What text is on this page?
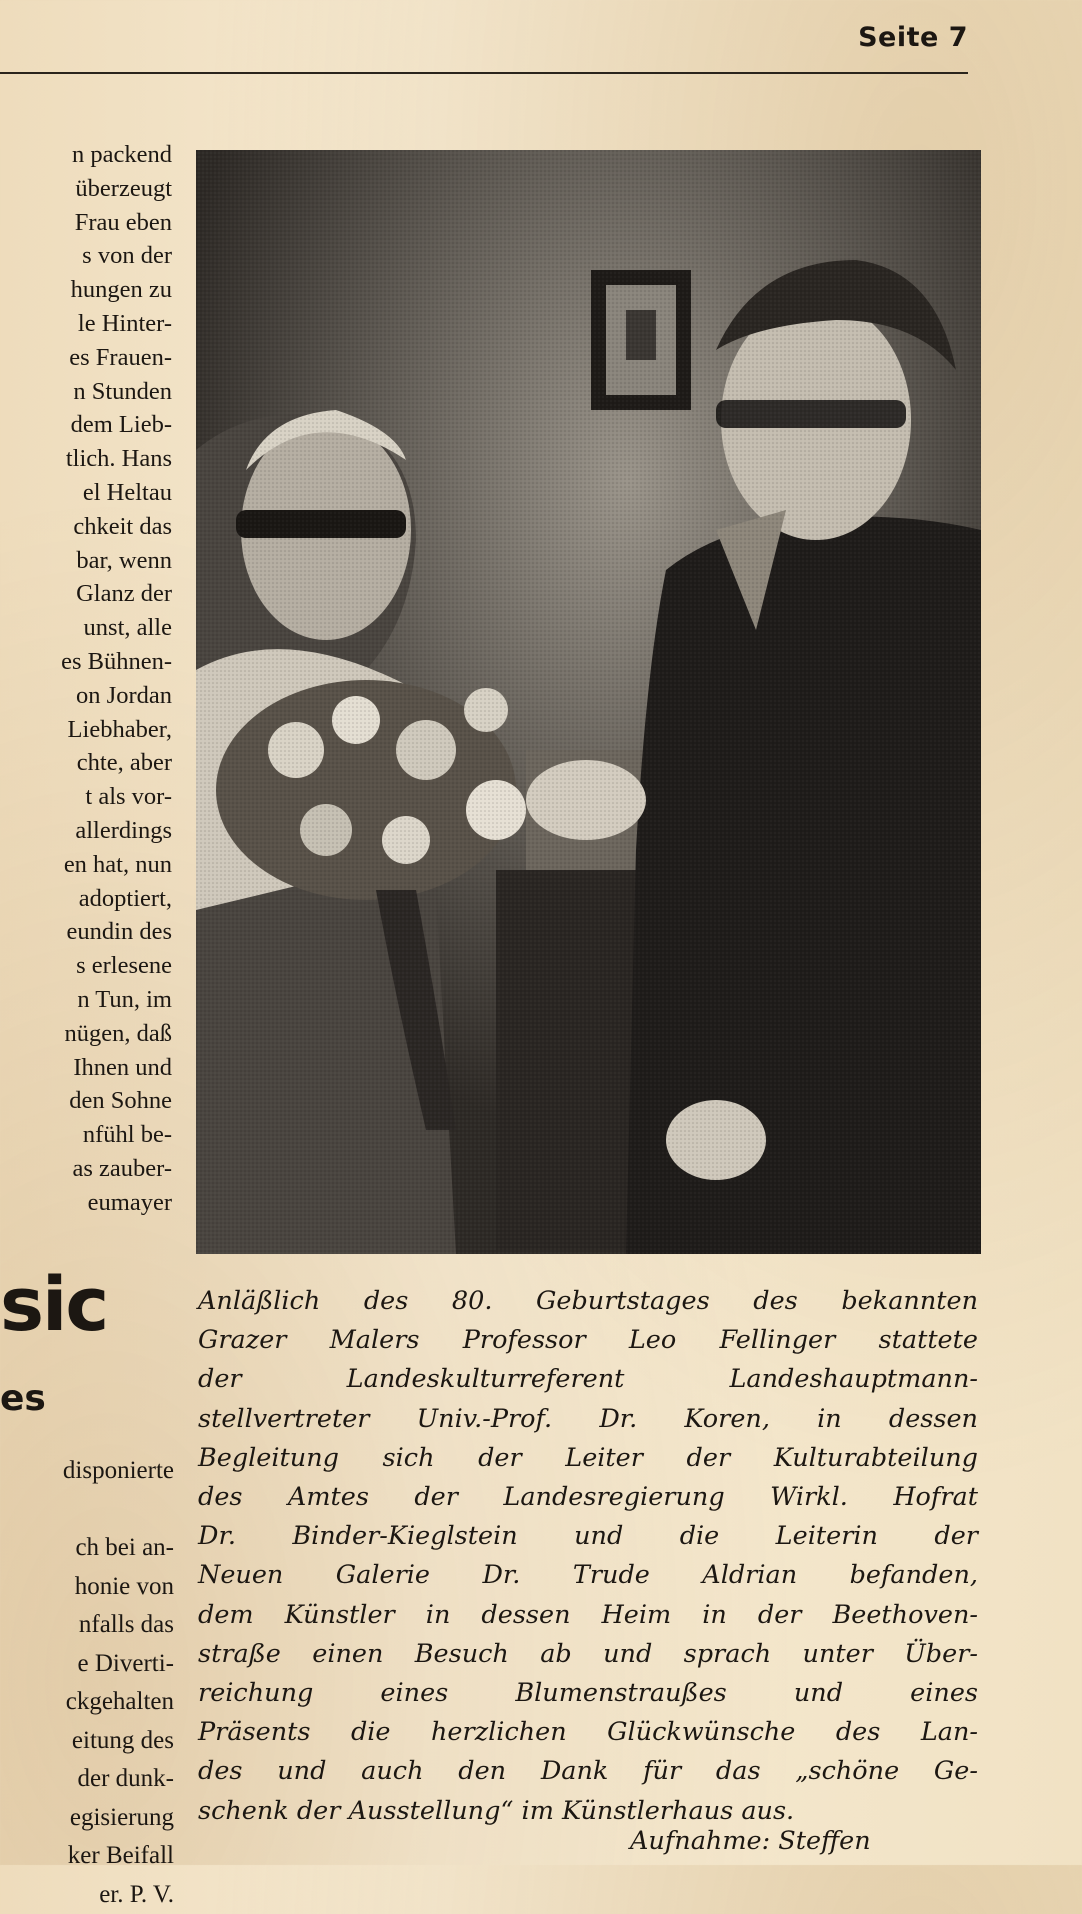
Seite 7
n packend
überzeugt
Frau eben
s von der
hungen zu
le Hinter-
es Frauen-
n Stunden
dem Lieb-
tlich. Hans
el Heltau
chkeit das
bar, wenn
Glanz der
unst, alle
es Bühnen-
on Jordan
Liebhaber,
chte, aber
t als vor-
allerdings
en hat, nun
adoptiert,
eundin des
s erlesene
n Tun, im
nügen, daß
Ihnen und
den Sohne
nfühl be-
as zauber-
eumayer
sic
es
disponierte

ch bei an-
honie von
nfalls das
e Diverti-
ckgehalten
eitung des
der dunk-
egisierung
ker Beifall
er. P. V.
Anläßlich des 80. Geburtstages des bekannten
Grazer Malers Professor Leo Fellinger stattete
der Landeskulturreferent Landeshauptmann-
stellvertreter Univ.-Prof. Dr. Koren, in dessen
Begleitung sich der Leiter der Kulturabteilung
des Amtes der Landesregierung Wirkl. Hofrat
Dr. Binder-Kieglstein und die Leiterin der
Neuen Galerie Dr. Trude Aldrian befanden,
dem Künstler in dessen Heim in der Beethoven-
straße einen Besuch ab und sprach unter Über-
reichung eines Blumenstraußes und eines
Präsents die herzlichen Glückwünsche des Lan-
des und auch den Dank für das „schöne Ge-
schenk der Ausstellung“ im Künstlerhaus aus.
Aufnahme: Steffen
